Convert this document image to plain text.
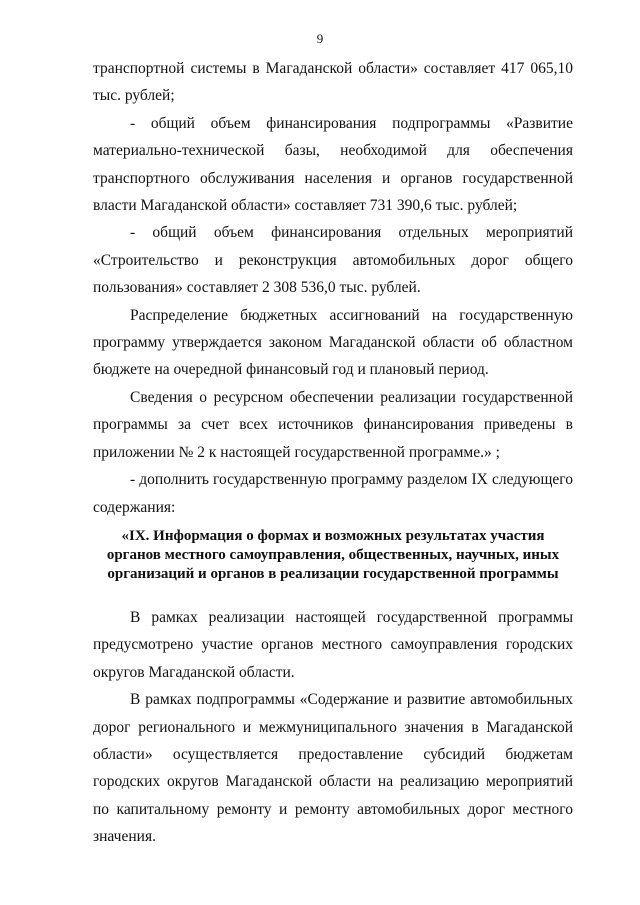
9

транспортной системы в Магаданской области» составляет 417 065,10 тыс. рублей;

- общий объем финансирования подпрограммы «Развитие материально-технической базы, необходимой для обеспечения транспортного обслуживания населения и органов государственной власти Магаданской области» составляет 731 390,6 тыс. рублей;

- общий объем финансирования отдельных мероприятий «Строительство и реконструкция автомобильных дорог общего пользования» составляет 2 308 536,0 тыс. рублей.

Распределение бюджетных ассигнований на государственную программу утверждается законом Магаданской области об областном бюджете на очередной финансовый год и плановый период.

Сведения о ресурсном обеспечении реализации государственной программы за счет всех источников финансирования приведены в приложении № 2 к настоящей государственной программе.» ;

- дополнить государственную программу разделом IX следующего содержания:

«IX. Информация о формах и возможных результатах участия органов местного самоуправления, общественных, научных, иных организаций и органов в реализации государственной программы

В рамках реализации настоящей государственной программы предусмотрено участие органов местного самоуправления городских округов Магаданской области.

В рамках подпрограммы «Содержание и развитие автомобильных дорог регионального и межмуниципального значения в Магаданской области» осуществляется предоставление субсидий бюджетам городских округов Магаданской области на реализацию мероприятий по капитальному ремонту и ремонту автомобильных дорог местного значения.
